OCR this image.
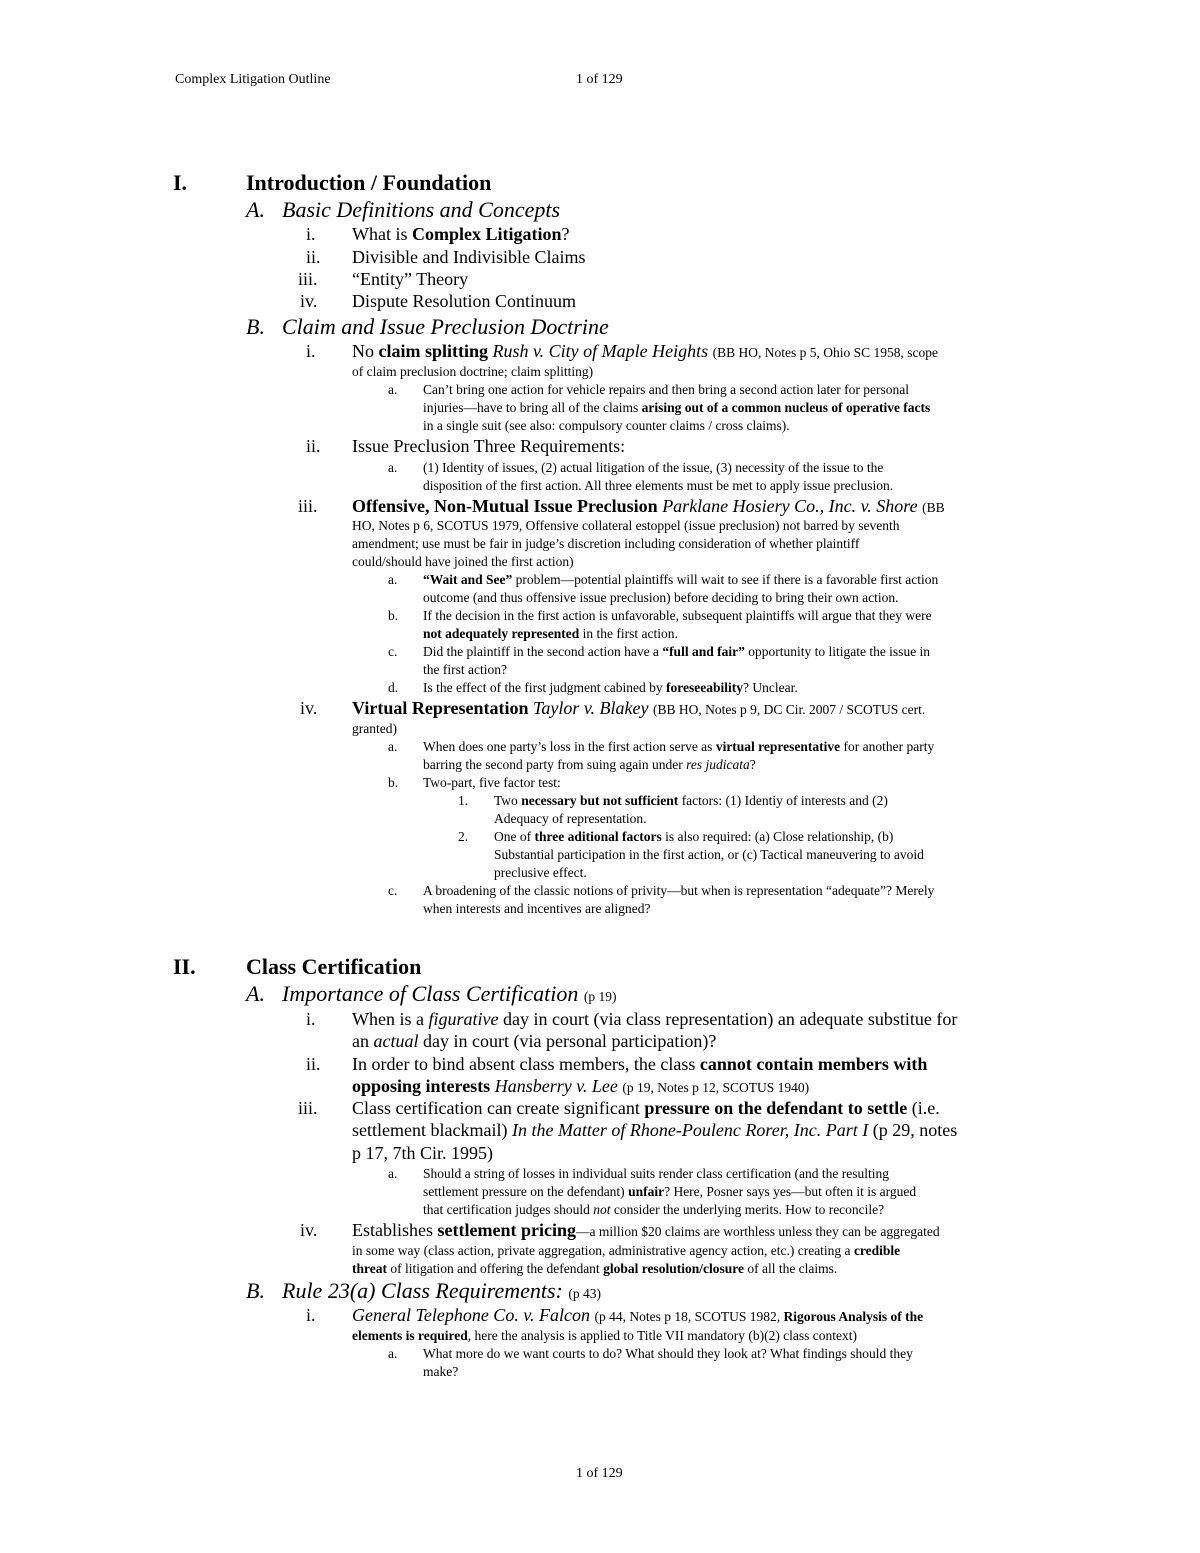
Complex Litigation Outline	1 of 129
I.	Introduction / Foundation
A. Basic Definitions and Concepts
i. What is Complex Litigation?
ii. Divisible and Indivisible Claims
iii. “Entity” Theory
iv. Dispute Resolution Continuum
B. Claim and Issue Preclusion Doctrine
i. No claim splitting Rush v. City of Maple Heights (BB HO, Notes p 5, Ohio SC 1958, scope
of claim preclusion doctrine; claim splitting)
a. Can’t bring one action for vehicle repairs and then bring a second action later for personal
injuries—have to bring all of the claims arising out of a common nucleus of operative facts
in a single suit (see also: compulsory counter claims / cross claims).
ii. Issue Preclusion Three Requirements:
a. (1) Identity of issues, (2) actual litigation of the issue, (3) necessity of the issue to the
disposition of the first action. All three elements must be met to apply issue preclusion.
iii. Offensive, Non-Mutual Issue Preclusion Parklane Hosiery Co., Inc. v. Shore (BB
HO, Notes p 6, SCOTUS 1979, Offensive collateral estoppel (issue preclusion) not barred by seventh
amendment; use must be fair in judge’s discretion including consideration of whether plaintiff
could/should have joined the first action)
a. “Wait and See” problem—potential plaintiffs will wait to see if there is a favorable first action
outcome (and thus offensive issue preclusion) before deciding to bring their own action.
b. If the decision in the first action is unfavorable, subsequent plaintiffs will argue that they were
not adequately represented in the first action.
c. Did the plaintiff in the second action have a “full and fair” opportunity to litigate the issue in
the first action?
d. Is the effect of the first judgment cabined by foreseeability? Unclear.
iv. Virtual Representation Taylor v. Blakey (BB HO, Notes p 9, DC Cir. 2007 / SCOTUS cert.
granted)
a. When does one party’s loss in the first action serve as virtual representative for another party
barring the second party from suing again under res judicata?
b. Two-part, five factor test:
1. Two necessary but not sufficient factors: (1) Identiy of interests and (2)
Adequacy of representation.
2. One of three aditional factors is also required: (a) Close relationship, (b)
Substantial participation in the first action, or (c) Tactical maneuvering to avoid
preclusive effect.
c. A broadening of the classic notions of privity—but when is representation “adequate”? Merely
when interests and incentives are aligned?
II. Class Certification
A. Importance of Class Certification (p 19)
i. When is a figurative day in court (via class representation) an adequate substitue for
an actual day in court (via personal participation)?
ii. In order to bind absent class members, the class cannot contain members with
opposing interests Hansberry v. Lee (p 19, Notes p 12, SCOTUS 1940)
iii. Class certification can create significant pressure on the defendant to settle (i.e.
settlement blackmail) In the Matter of Rhone-Poulenc Rorer, Inc. Part I (p 29, notes
p 17, 7th Cir. 1995)
a. Should a string of losses in individual suits render class certification (and the resulting
settlement pressure on the defendant) unfair? Here, Posner says yes—but often it is argued
that certification judges should not consider the underlying merits. How to reconcile?
iv. Establishes settlement pricing—a million $20 claims are worthless unless they can be aggregated
in some way (class action, private aggregation, administrative agency action, etc.) creating a credible
threat of litigation and offering the defendant global resolution/closure of all the claims.
B. Rule 23(a) Class Requirements: (p 43)
i. General Telephone Co. v. Falcon (p 44, Notes p 18, SCOTUS 1982, Rigorous Analysis of the
elements is required, here the analysis is applied to Title VII mandatory (b)(2) class context)
a. What more do we want courts to do? What should they look at? What findings should they
make?
1 of 129
